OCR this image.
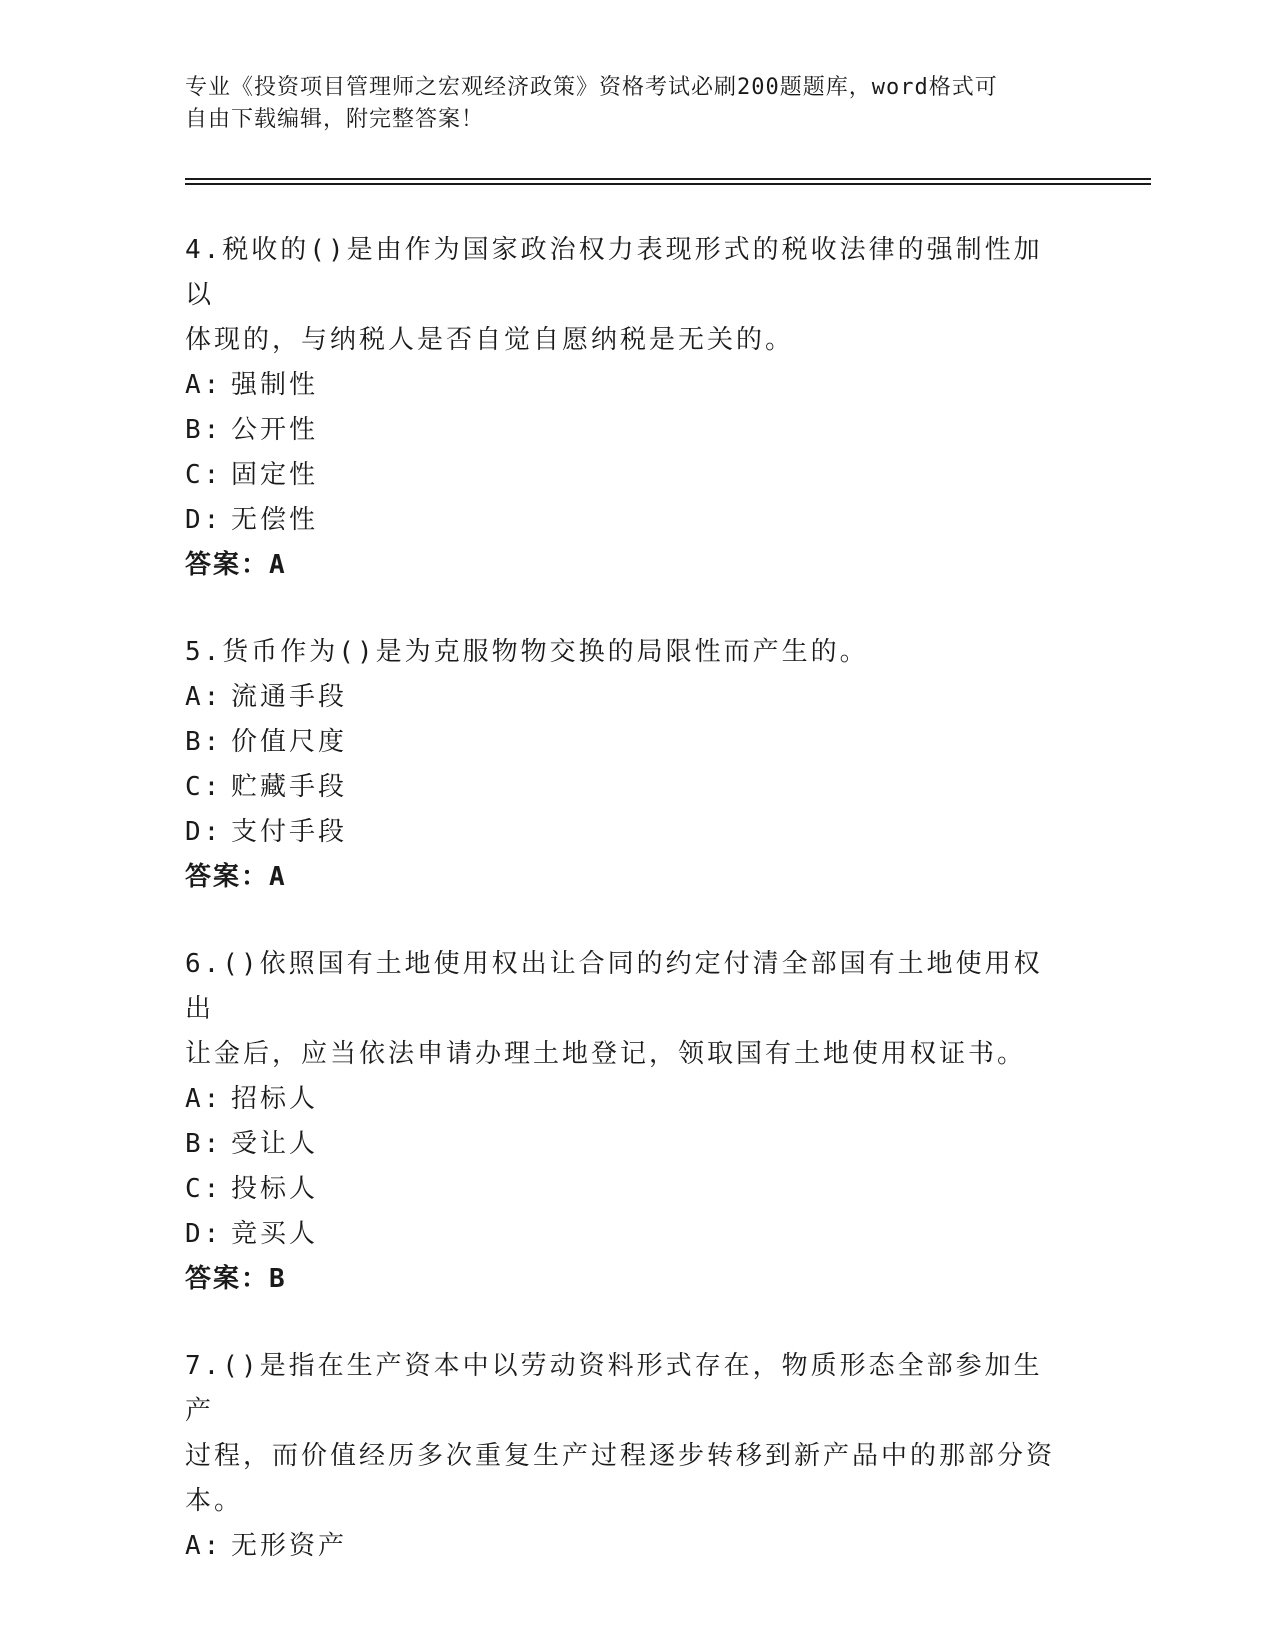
专业《投资项目管理师之宏观经济政策》资格考试必刷200题题库，word格式可
自由下载编辑，附完整答案！

4.税收的()是由作为国家政治权力表现形式的税收法律的强制性加以
体现的，与纳税人是否自觉自愿纳税是无关的。

A: 强制性

B: 公开性

C: 固定性

D: 无偿性

答案：A

5.货币作为()是为克服物物交换的局限性而产生的。

A: 流通手段

B: 价值尺度

C: 贮藏手段

D: 支付手段

答案：A

6.()依照国有土地使用权出让合同的约定付清全部国有土地使用权出
让金后，应当依法申请办理土地登记，领取国有土地使用权证书。

A: 招标人

B: 受让人

C: 投标人

D: 竞买人

答案：B

7.()是指在生产资本中以劳动资料形式存在，物质形态全部参加生产
过程，而价值经历多次重复生产过程逐步转移到新产品中的那部分资
本。

A: 无形资产
